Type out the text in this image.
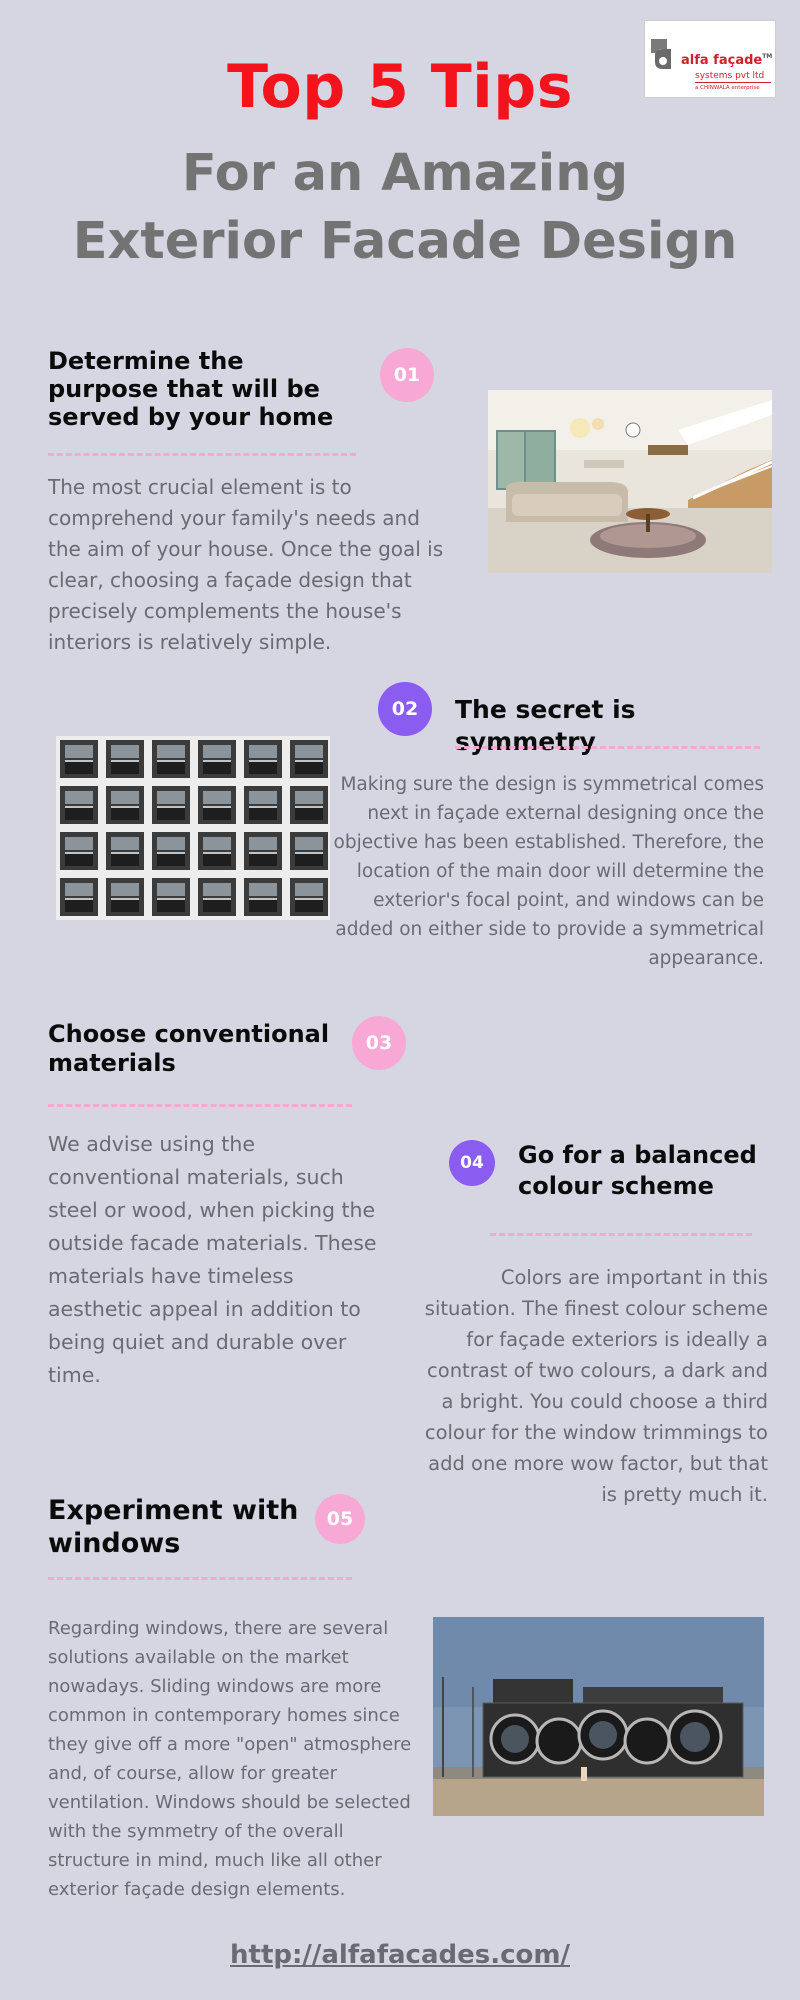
alfa façade™
systems pvt ltd
a CHINWALA enterprise
Top 5 Tips
For an Amazing Exterior Facade Design
Determine the purpose that will be served by your home
01
The most crucial element is to comprehend your family's needs and the aim of your house. Once the goal is clear, choosing a façade design that precisely complements the house's interiors is relatively simple.
02	The secret is symmetry
Making sure the design is symmetrical comes next in façade external designing once the objective has been established. Therefore, the location of the main door will determine the exterior's focal point, and windows can be added on either side to provide a symmetrical appearance.
Choose conventional materials
03
We advise using the conventional materials, such steel or wood, when picking the outside facade materials. These materials have timeless aesthetic appeal in addition to being quiet and durable over time.
04	Go for a balanced colour scheme
Colors are important in this situation. The finest colour scheme for façade exteriors is ideally a contrast of two colours, a dark and a bright. You could choose a third colour for the window trimmings to add one more wow factor, but that is pretty much it.
Experiment with windows
05
Regarding windows, there are several solutions available on the market nowadays. Sliding windows are more common in contemporary homes since they give off a more "open" atmosphere and, of course, allow for greater ventilation. Windows should be selected with the symmetry of the overall structure in mind, much like all other exterior façade design elements.
http://alfafacades.com/
